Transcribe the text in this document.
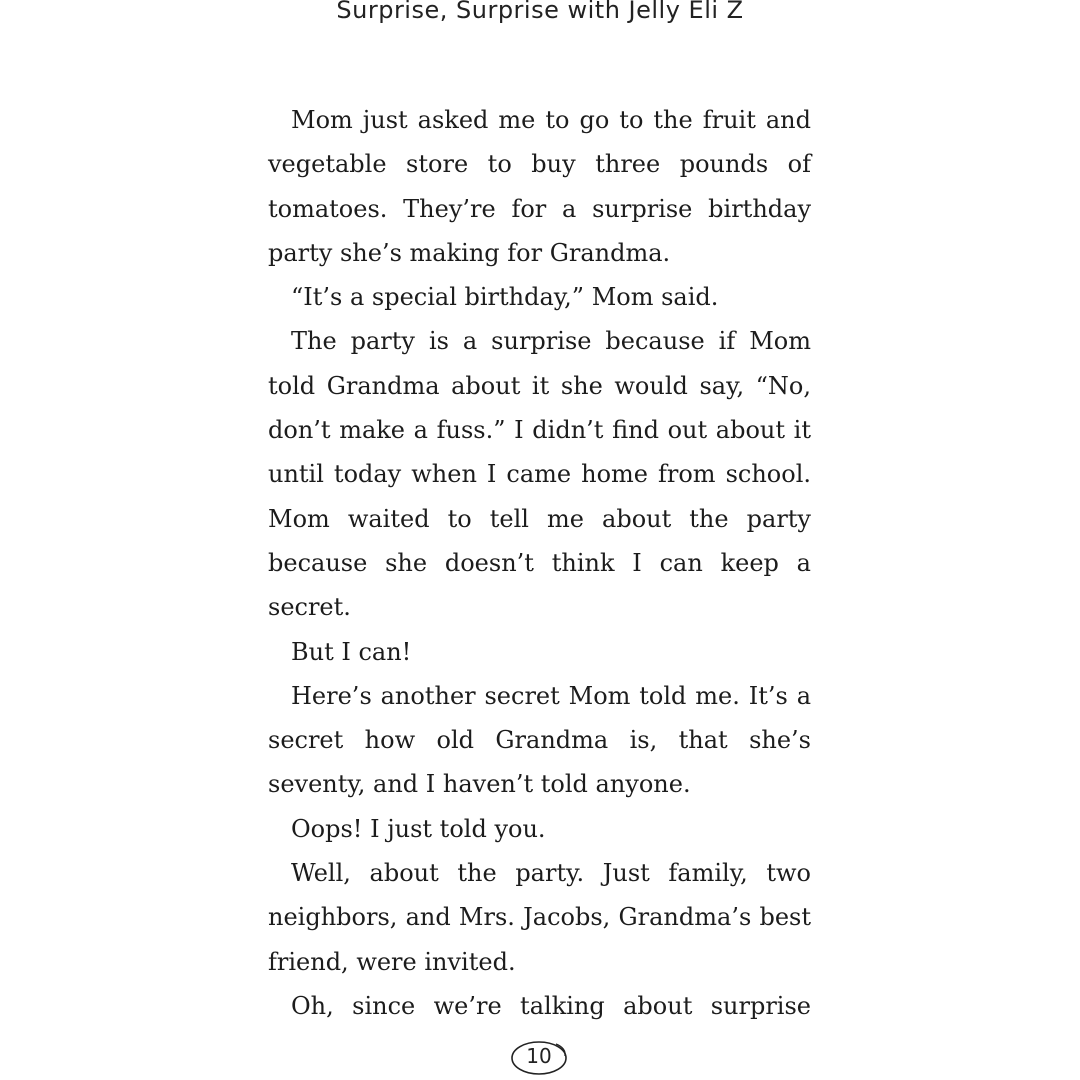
Surprise, Surprise with Jelly Eli Z

Mom just asked me to go to the fruit and vegetable store to buy three pounds of tomatoes. They’re for a surprise birthday party she’s making for Grandma.

“It’s a special birthday,” Mom said.

The party is a surprise because if Mom told Grandma about it she would say, “No, don’t make a fuss.” I didn’t find out about it until today when I came home from school. Mom waited to tell me about the party because she doesn’t think I can keep a secret.

But I can!

Here’s another secret Mom told me. It’s a secret how old Grandma is, that she’s seventy, and I haven’t told anyone.

Oops! I just told you.

Well, about the party. Just family, two neighbors, and Mrs. Jacobs, Grandma’s best friend, were invited.

Oh, since we’re talking about surprise

10
